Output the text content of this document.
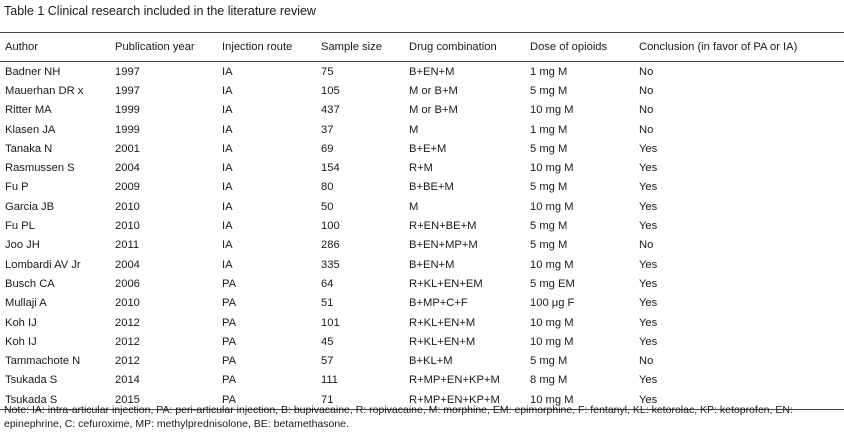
Table 1 Clinical research included in the literature review
Author	Publication year	Injection route	Sample size	Drug combination	Dose of opioids	Conclusion (in favor of PA or IA)
Badner NH	1997	IA	75	B+EN+M	1 mg M	No
Mauerhan DR x	1997	IA	105	M or B+M	5 mg M	No
Ritter MA	1999	IA	437	M or B+M	10 mg M	No
Klasen JA	1999	IA	37	M	1 mg M	No
Tanaka N	2001	IA	69	B+E+M	5 mg M	Yes
Rasmussen S	2004	IA	154	R+M	10 mg M	Yes
Fu P	2009	IA	80	B+BE+M	5 mg M	Yes
Garcia JB	2010	IA	50	M	10 mg M	Yes
Fu PL	2010	IA	100	R+EN+BE+M	5 mg M	Yes
Joo JH	2011	IA	286	B+EN+MP+M	5 mg M	No
Lombardi AV Jr	2004	IA	335	B+EN+M	10 mg M	Yes
Busch CA	2006	PA	64	R+KL+EN+EM	5 mg EM	Yes
Mullaji A	2010	PA	51	B+MP+C+F	100 μg F	Yes
Koh IJ	2012	PA	101	R+KL+EN+M	10 mg M	Yes
Koh IJ	2012	PA	45	R+KL+EN+M	10 mg M	Yes
Tammachote N	2012	PA	57	B+KL+M	5 mg M	No
Tsukada S	2014	PA	111	R+MP+EN+KP+M	8 mg M	Yes
Tsukada S	2015	PA	71	R+MP+EN+KP+M	10 mg M	Yes
Note: IA: intra-articular injection, PA: peri-articular injection, B: bupivacaine, R: ropivacaine, M: morphine, EM: epimorphine, F: fentanyl, KL: ketorolac, KP: ketoprofen, EN: epinephrine, C: cefuroxime, MP: methylprednisolone, BE: betamethasone.
